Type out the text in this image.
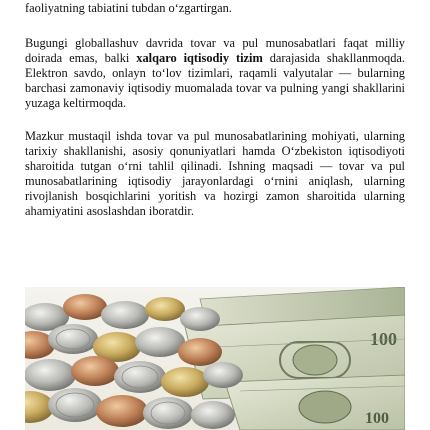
faoliyatning tabiatini tubdan o‘zgartirgan.

Bugungi globallashuv davrida tovar va pul munosabatlari faqat milliy doirada emas, balki xalqaro iqtisodiy tizim darajasida shakllanmoqda. Elektron savdo, onlayn to‘lov tizimlari, raqamli valyutalar — bularning barchasi zamonaviy iqtisodiy muomalada tovar va pulning yangi shakllarini yuzaga keltirmoqda.

Mazkur mustaqil ishda tovar va pul munosabatlarining mohiyati, ularning tarixiy shakllanishi, asosiy qonuniyatlari hamda O‘zbekiston iqtisodiyoti sharoitida tutgan o‘rni tahlil qilinadi. Ishning maqsadi — tovar va pul munosabatlarining iqtisodiy jarayonlardagi o‘rnini aniqlash, ularning rivojlanish bosqichlarini yoritish va hozirgi zamon sharoitida ularning ahamiyatini asoslashdan iboratdir.

100
100
